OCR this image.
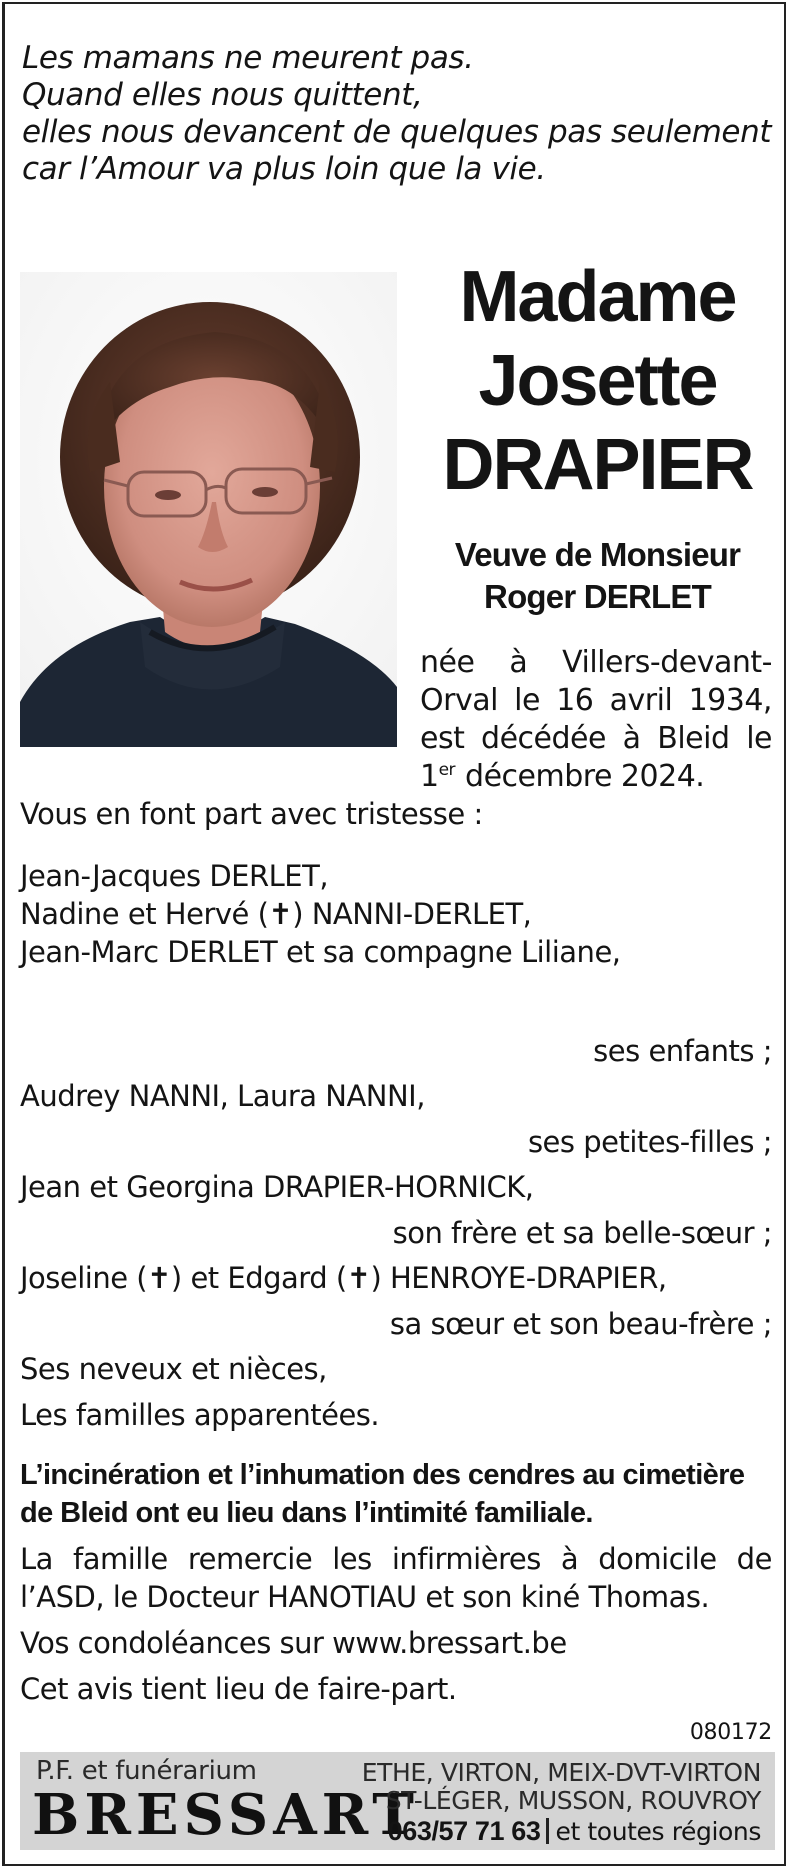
Les mamans ne meurent pas.
Quand elles nous quittent,
elles nous devancent de quelques pas seulement
car l’Amour va plus loin que la vie.
Madame
Josette
DRAPIER
Veuve de Monsieur
Roger DERLET
née à Villers-devant-
Orval le 16 avril 1934,
est décédée à Bleid le
1er décembre 2024.
Vous en font part avec tristesse :
Jean-Jacques DERLET,
Nadine et Hervé (✝) NANNI-DERLET,
Jean-Marc DERLET et sa compagne Liliane,
ses enfants ;
Audrey NANNI, Laura NANNI,
ses petites-filles ;
Jean et Georgina DRAPIER-HORNICK,
son frère et sa belle-sœur ;
Joseline (✝) et Edgard (✝) HENROYE-DRAPIER,
sa sœur et son beau-frère ;
Ses neveux et nièces,
Les familles apparentées.
L’incinération et l’inhumation des cendres au cimetière
de Bleid ont eu lieu dans l’intimité familiale.
La famille remercie les infirmières à domicile de
l’ASD, le Docteur HANOTIAU et son kiné Thomas.
Vos condoléances sur www.bressart.be
Cet avis tient lieu de faire-part.
080172
P.F. et funérarium
BRESSART
ETHE, VIRTON, MEIX-DVT-VIRTON
ST-LÉGER, MUSSON, ROUVROY
063/57 71 63 et toutes régions
